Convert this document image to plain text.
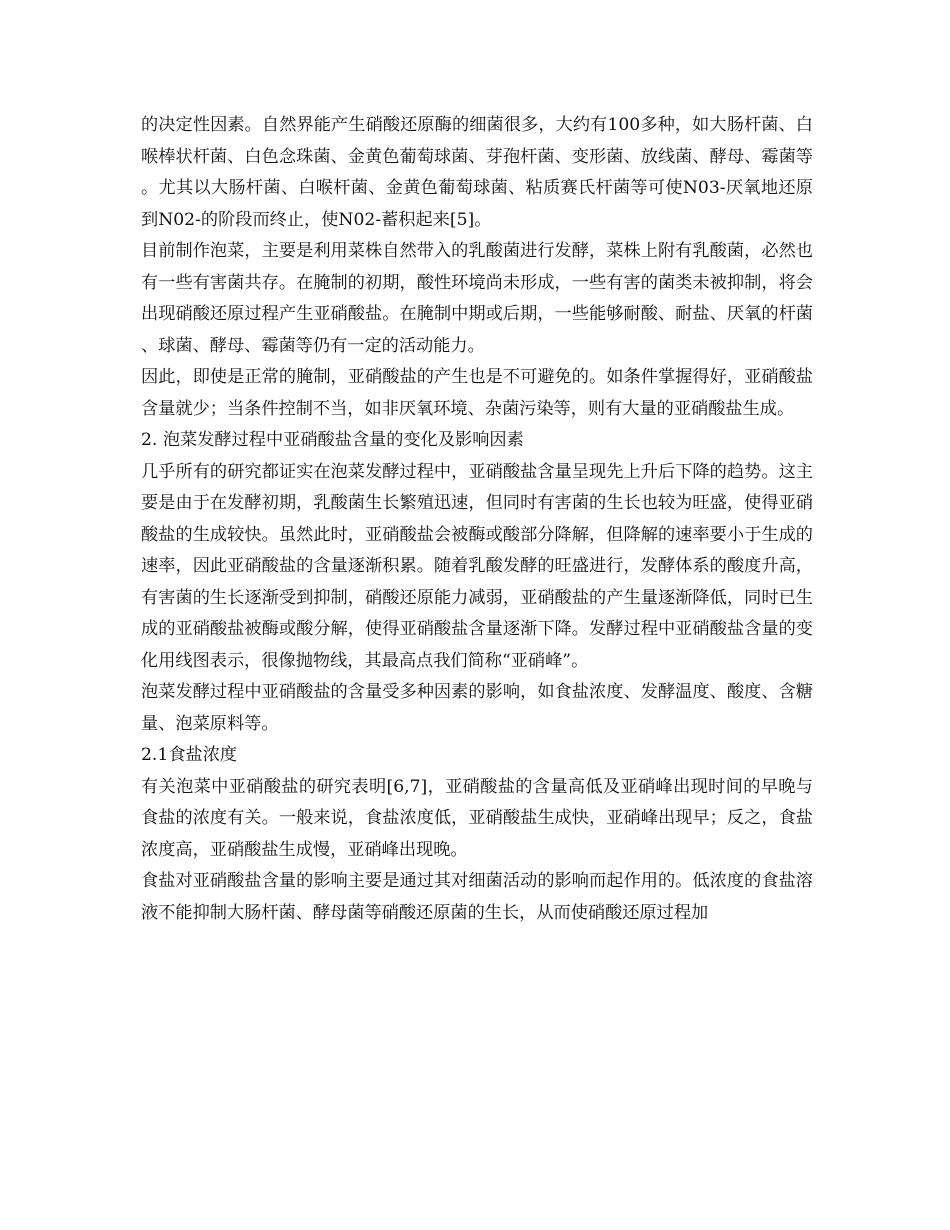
的决定性因素。自然界能产生硝酸还原酶的细菌很多，大约有100多种，如大肠杆菌、白喉棒状杆菌、白色念珠菌、金黄色葡萄球菌、芽孢杆菌、变形菌、放线菌、酵母、霉菌等。尤其以大肠杆菌、白喉杆菌、金黄色葡萄球菌、粘质赛氏杆菌等可使N03-厌氧地还原到N02-的阶段而终止，使N02-蓄积起来[5]。

目前制作泡菜，主要是利用菜株自然带入的乳酸菌进行发酵，菜株上附有乳酸菌，必然也有一些有害菌共存。在腌制的初期，酸性环境尚未形成，一些有害的菌类未被抑制，将会出现硝酸还原过程产生亚硝酸盐。在腌制中期或后期，一些能够耐酸、耐盐、厌氧的杆菌、球菌、酵母、霉菌等仍有一定的活动能力。

因此，即使是正常的腌制，亚硝酸盐的产生也是不可避免的。如条件掌握得好，亚硝酸盐含量就少；当条件控制不当，如非厌氧环境、杂菌污染等，则有大量的亚硝酸盐生成。

2. 泡菜发酵过程中亚硝酸盐含量的变化及影响因素

几乎所有的研究都证实在泡菜发酵过程中，亚硝酸盐含量呈现先上升后下降的趋势。这主要是由于在发酵初期，乳酸菌生长繁殖迅速，但同时有害菌的生长也较为旺盛，使得亚硝酸盐的生成较快。虽然此时，亚硝酸盐会被酶或酸部分降解，但降解的速率要小于生成的速率，因此亚硝酸盐的含量逐渐积累。随着乳酸发酵的旺盛进行，发酵体系的酸度升高，有害菌的生长逐渐受到抑制，硝酸还原能力减弱，亚硝酸盐的产生量逐渐降低，同时已生成的亚硝酸盐被酶或酸分解，使得亚硝酸盐含量逐渐下降。发酵过程中亚硝酸盐含量的变化用线图表示，很像抛物线，其最高点我们简称“亚硝峰”。

泡菜发酵过程中亚硝酸盐的含量受多种因素的影响，如食盐浓度、发酵温度、酸度、含糖量、泡菜原料等。

2.1食盐浓度

有关泡菜中亚硝酸盐的研究表明[6,7]，亚硝酸盐的含量高低及亚硝峰出现时间的早晚与食盐的浓度有关。一般来说，食盐浓度低，亚硝酸盐生成快，亚硝峰出现早；反之，食盐浓度高，亚硝酸盐生成慢，亚硝峰出现晚。

食盐对亚硝酸盐含量的影响主要是通过其对细菌活动的影响而起作用的。低浓度的食盐溶液不能抑制大肠杆菌、酵母菌等硝酸还原菌的生长，从而使硝酸还原过程加
